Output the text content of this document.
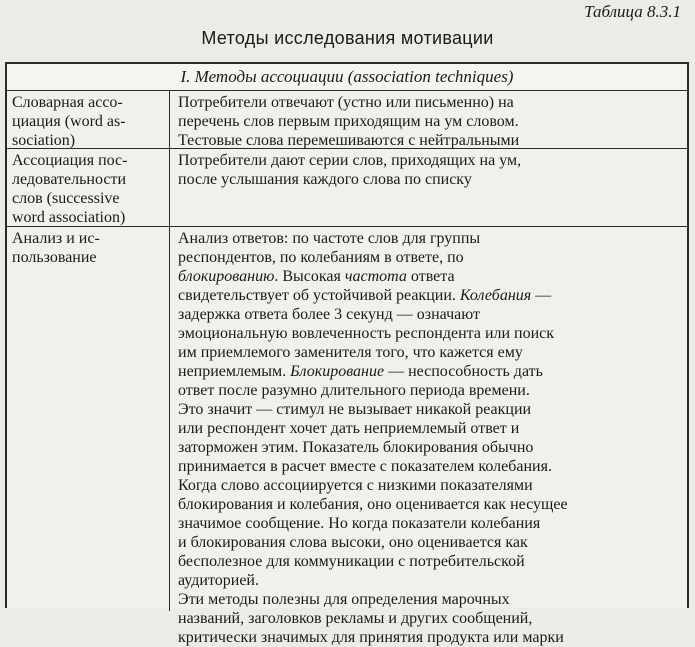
Таблица 8.3.1
Методы исследования мотивации
I. Методы ассоциации (association techniques)
Словарная ассо-
циация (word as-
sociation)
Потребители отвечают (устно или письменно) на
перечень слов первым приходящим на ум словом.
Тестовые слова перемешиваются с нейтральными
Ассоциация пос-
ледовательности
слов (successive
word association)
Потребители дают серии слов, приходящих на ум,
после услышания каждого слова по списку
Анализ и ис-
пользование
Анализ ответов: по частоте слов для группы
респондентов, по колебаниям в ответе, по
блокированию. Высокая частота ответа
свидетельствует об устойчивой реакции. Колебания —
задержка ответа более 3 секунд — означают
эмоциональную вовлеченность респондента или поиск
им приемлемого заменителя того, что кажется ему
неприемлемым. Блокирование — неспособность дать
ответ после разумно длительного периода времени.
Это значит — стимул не вызывает никакой реакции
или респондент хочет дать неприемлемый ответ и
заторможен этим. Показатель блокирования обычно
принимается в расчет вместе с показателем колебания.
Когда слово ассоциируется с низкими показателями
блокирования и колебания, оно оценивается как несущее
значимое сообщение. Но когда показатели колебания
и блокирования слова высоки, оно оценивается как
бесполезное для коммуникации с потребительской
аудиторией.
Эти методы полезны для определения марочных
названий, заголовков рекламы и других сообщений,
критически значимых для принятия продукта или марки
